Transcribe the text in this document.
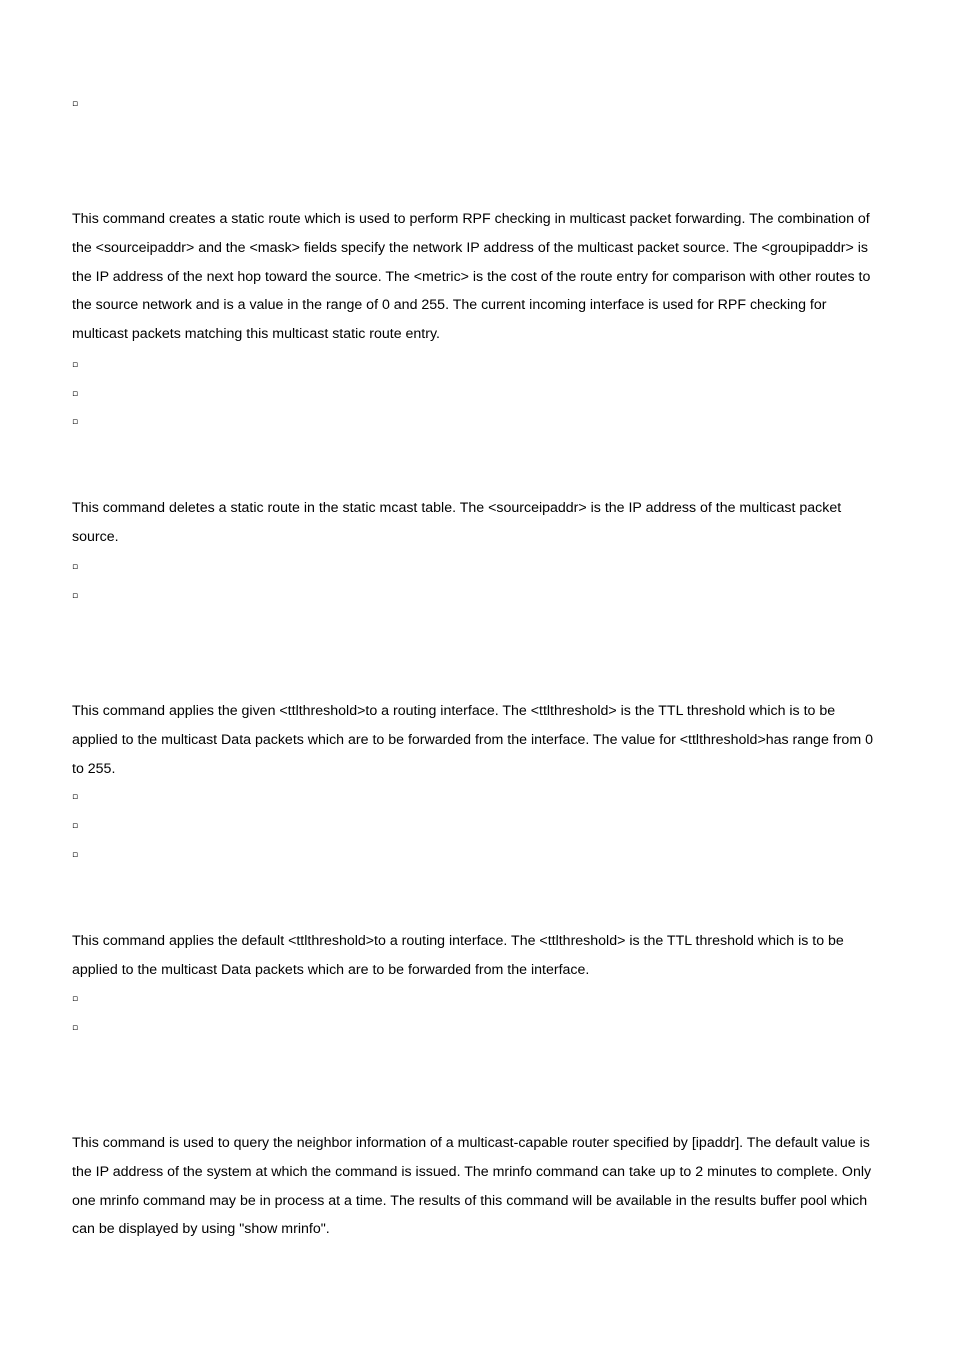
▫

This command creates a static route which is used to perform RPF checking in multicast packet forwarding. The combination of the <sourceipaddr> and the <mask> fields specify the network IP address of the multicast packet source. The <groupipaddr> is the IP address of the next hop toward the source. The <metric> is the cost of the route entry for comparison with other routes to the source network and is a value in the range of 0 and 255. The current incoming interface is used for RPF checking for multicast packets matching this multicast static route entry.

▫
▫
▫

This command deletes a static route in the static mcast table. The <sourceipaddr> is the IP address of the multicast packet source.

▫
▫

This command applies the given <ttlthreshold>to a routing interface. The <ttlthreshold> is the TTL threshold which is to be applied to the multicast Data packets which are to be forwarded from the interface. The value for <ttlthreshold>has range from 0 to 255.

▫
▫
▫

This command applies the default <ttlthreshold>to a routing interface. The <ttlthreshold> is the TTL threshold which is to be applied to the multicast Data packets which are to be forwarded from the interface.

▫
▫

This command is used to query the neighbor information of a multicast-capable router specified by [ipaddr]. The default value is the IP address of the system at which the command is issued. The mrinfo command can take up to 2 minutes to complete. Only one mrinfo command may be in process at a time. The results of this command will be available in the results buffer pool which can be displayed by using "show mrinfo".
